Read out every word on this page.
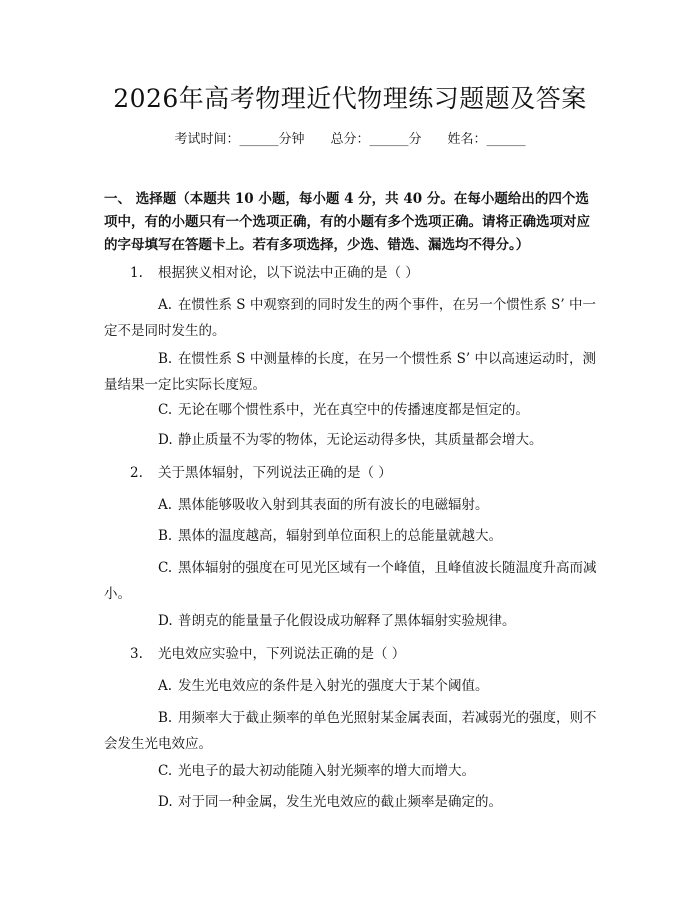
2026年高考物理近代物理练习题题及答案
考试时间：______分钟 总分：______分 姓名：______
一、 选择题（本题共 10 小题，每小题 4 分，共 40 分。在每小题给出的四个选项中，有的小题只有一个选项正确，有的小题有多个选项正确。请将正确选项对应的字母填写在答题卡上。若有多项选择，少选、错选、漏选均不得分。）
1. 根据狭义相对论，以下说法中正确的是（ ）
A. 在惯性系 S 中观察到的同时发生的两个事件，在另一个惯性系 S’ 中一定不是同时发生的。
B. 在惯性系 S 中测量棒的长度，在另一个惯性系 S’ 中以高速运动时，测量结果一定比实际长度短。
C. 无论在哪个惯性系中，光在真空中的传播速度都是恒定的。
D. 静止质量不为零的物体，无论运动得多快，其质量都会增大。
2. 关于黑体辐射，下列说法正确的是（ ）
A. 黑体能够吸收入射到其表面的所有波长的电磁辐射。
B. 黑体的温度越高，辐射到单位面积上的总能量就越大。
C. 黑体辐射的强度在可见光区域有一个峰值，且峰值波长随温度升高而减小。
D. 普朗克的能量量子化假设成功解释了黑体辐射实验规律。
3. 光电效应实验中，下列说法正确的是（ ）
A. 发生光电效应的条件是入射光的强度大于某个阈值。
B. 用频率大于截止频率的单色光照射某金属表面，若减弱光的强度，则不会发生光电效应。
C. 光电子的最大初动能随入射光频率的增大而增大。
D. 对于同一种金属，发生光电效应的截止频率是确定的。
